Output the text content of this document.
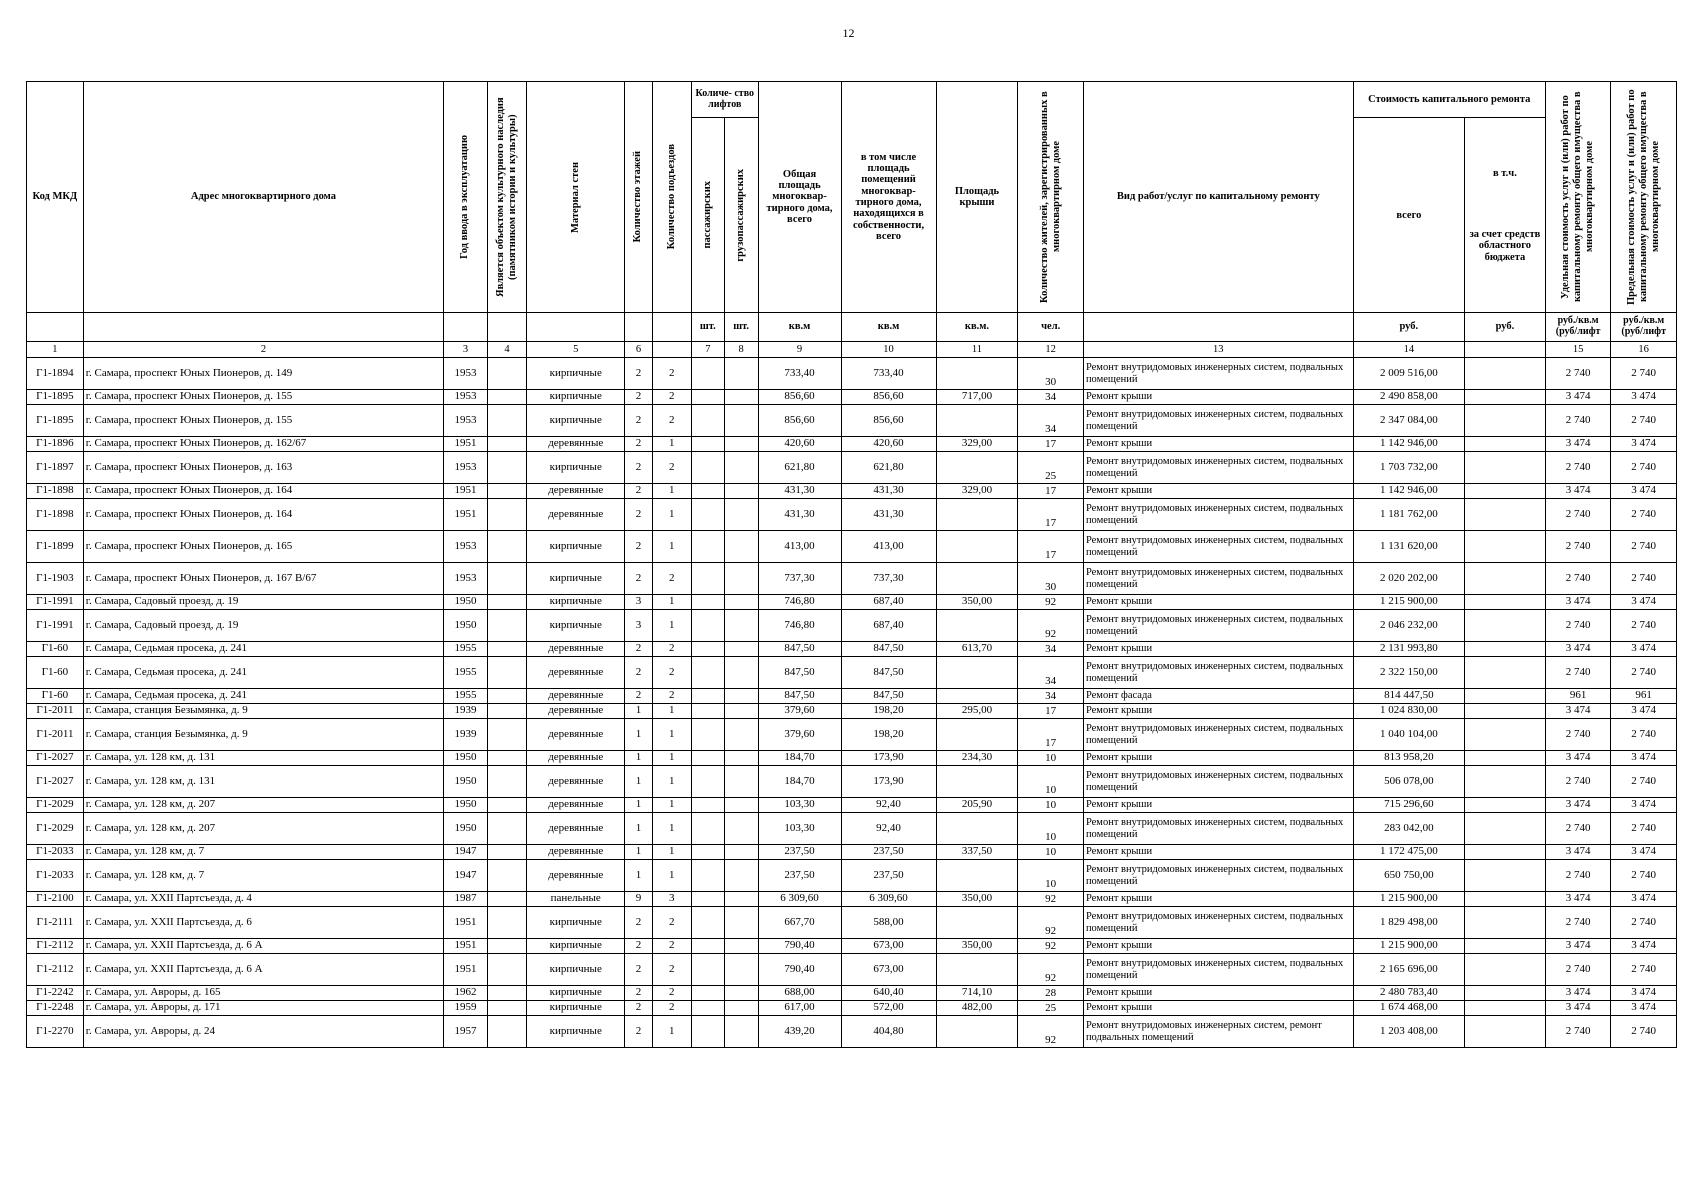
12
Код МКД	Адрес многоквартирного дома	Год ввода в эксплуатацию	Является объектом культурного наследия (памятником истории и культуры)	Материал стен	Количество этажей	Количество подъездов	Количе- ство лифтов		Общая площадь многоквар- тирного дома, всего	в том числе площадь помещений многоквар- тирного дома, находящихся в собственности, всего	Площадь крыши	Количество жителей, зарегистрированных в многоквартирном доме	Вид работ/услуг по капитальному ремонту	Стоимость капитального ремонта		Удельная стоимость услуг и (или) работ по капитальному ремонту общего имущества в многоквартирном доме	Предельная стоимость услуг и (или) работ по капитальному ремонту общего имущества в многоквартирном доме

							пассажирских	грузопассажирских						всего	в т.ч.
за счет средств областного бюджета		

							шт.	шт.	кв.м	кв.м	кв.м.	чел.		руб.	руб.	руб./кв.м (руб/лифт	руб./кв.м (руб/лифт
1	2	3	4	5	6		7	8	9	10	11	12	13	14		15	16
Г1-1894	г. Самара, проспект Юных Пионеров, д. 149	1953		кирпичные	2	2			733,40	733,40		30	Ремонт внутридомовых инженерных систем, подвальных помещений	2 009 516,00		2 740	2 740
Г1-1895	г. Самара, проспект Юных Пионеров, д. 155	1953		кирпичные	2	2			856,60	856,60	717,00	34	Ремонт крыши	2 490 858,00		3 474	3 474
Г1-1895	г. Самара, проспект Юных Пионеров, д. 155	1953		кирпичные	2	2			856,60	856,60		34	Ремонт внутридомовых инженерных систем, подвальных помещений	2 347 084,00		2 740	2 740
Г1-1896	г. Самара, проспект Юных Пионеров, д. 162/67	1951		деревянные	2	1			420,60	420,60	329,00	17	Ремонт крыши	1 142 946,00		3 474	3 474
Г1-1897	г. Самара, проспект Юных Пионеров, д. 163	1953		кирпичные	2	2			621,80	621,80		25	Ремонт внутридомовых инженерных систем, подвальных помещений	1 703 732,00		2 740	2 740
Г1-1898	г. Самара, проспект Юных Пионеров, д. 164	1951		деревянные	2	1			431,30	431,30	329,00	17	Ремонт крыши	1 142 946,00		3 474	3 474
Г1-1898	г. Самара, проспект Юных Пионеров, д. 164	1951		деревянные	2	1			431,30	431,30		17	Ремонт внутридомовых инженерных систем, подвальных помещений	1 181 762,00		2 740	2 740
Г1-1899	г. Самара, проспект Юных Пионеров, д. 165	1953		кирпичные	2	1			413,00	413,00		17	Ремонт внутридомовых инженерных систем, подвальных помещений	1 131 620,00		2 740	2 740
Г1-1903	г. Самара, проспект Юных Пионеров, д. 167 В/67	1953		кирпичные	2	2			737,30	737,30		30	Ремонт внутридомовых инженерных систем, подвальных помещений	2 020 202,00		2 740	2 740
Г1-1991	г. Самара, Садовый проезд, д. 19	1950		кирпичные	3	1			746,80	687,40	350,00	92	Ремонт крыши	1 215 900,00		3 474	3 474
Г1-1991	г. Самара, Садовый проезд, д. 19	1950		кирпичные	3	1			746,80	687,40		92	Ремонт внутридомовых инженерных систем, подвальных помещений	2 046 232,00		2 740	2 740
Г1-60	г. Самара, Седьмая просека, д. 241	1955		деревянные	2	2			847,50	847,50	613,70	34	Ремонт крыши	2 131 993,80		3 474	3 474
Г1-60	г. Самара, Седьмая просека, д. 241	1955		деревянные	2	2			847,50	847,50		34	Ремонт внутридомовых инженерных систем, подвальных помещений	2 322 150,00		2 740	2 740
Г1-60	г. Самара, Седьмая просека, д. 241	1955		деревянные	2	2			847,50	847,50		34	Ремонт фасада	814 447,50		961	961
Г1-2011	г. Самара, станция Безымянка, д. 9	1939		деревянные	1	1			379,60	198,20	295,00	17	Ремонт крыши	1 024 830,00		3 474	3 474
Г1-2011	г. Самара, станция Безымянка, д. 9	1939		деревянные	1	1			379,60	198,20		17	Ремонт внутридомовых инженерных систем, подвальных помещений	1 040 104,00		2 740	2 740
Г1-2027	г. Самара, ул. 128 км, д. 131	1950		деревянные	1	1			184,70	173,90	234,30	10	Ремонт крыши	813 958,20		3 474	3 474
Г1-2027	г. Самара, ул. 128 км, д. 131	1950		деревянные	1	1			184,70	173,90		10	Ремонт внутридомовых инженерных систем, подвальных помещений	506 078,00		2 740	2 740
Г1-2029	г. Самара, ул. 128 км, д. 207	1950		деревянные	1	1			103,30	92,40	205,90	10	Ремонт крыши	715 296,60		3 474	3 474
Г1-2029	г. Самара, ул. 128 км, д. 207	1950		деревянные	1	1			103,30	92,40		10	Ремонт внутридомовых инженерных систем, подвальных помещений	283 042,00		2 740	2 740
Г1-2033	г. Самара, ул. 128 км, д. 7	1947		деревянные	1	1			237,50	237,50	337,50	10	Ремонт крыши	1 172 475,00		3 474	3 474
Г1-2033	г. Самара, ул. 128 км, д. 7	1947		деревянные	1	1			237,50	237,50		10	Ремонт внутридомовых инженерных систем, подвальных помещений	650 750,00		2 740	2 740
Г1-2100	г. Самара, ул. XXII Партсъезда, д. 4	1987		панельные	9	3			6 309,60	6 309,60	350,00	92	Ремонт крыши	1 215 900,00		3 474	3 474
Г1-2111	г. Самара, ул. XXII Партсъезда, д. 6	1951		кирпичные	2	2			667,70	588,00		92	Ремонт внутридомовых инженерных систем, подвальных помещений	1 829 498,00		2 740	2 740
Г1-2112	г. Самара, ул. XXII Партсъезда, д. 6 А	1951		кирпичные	2	2			790,40	673,00	350,00	92	Ремонт крыши	1 215 900,00		3 474	3 474
Г1-2112	г. Самара, ул. XXII Партсъезда, д. 6 А	1951		кирпичные	2	2			790,40	673,00		92	Ремонт внутридомовых инженерных систем, подвальных помещений	2 165 696,00		2 740	2 740
Г1-2242	г. Самара, ул. Авроры, д. 165	1962		кирпичные	2	2			688,00	640,40	714,10	28	Ремонт крыши	2 480 783,40		3 474	3 474
Г1-2248	г. Самара, ул. Авроры, д. 171	1959		кирпичные	2	2			617,00	572,00	482,00	25	Ремонт крыши	1 674 468,00		3 474	3 474
Г1-2270	г. Самара, ул. Авроры, д. 24	1957		кирпичные	2	1			439,20	404,80		92	Ремонт внутридомовых инженерных систем, ремонт подвальных помещений	1 203 408,00		2 740	2 740
